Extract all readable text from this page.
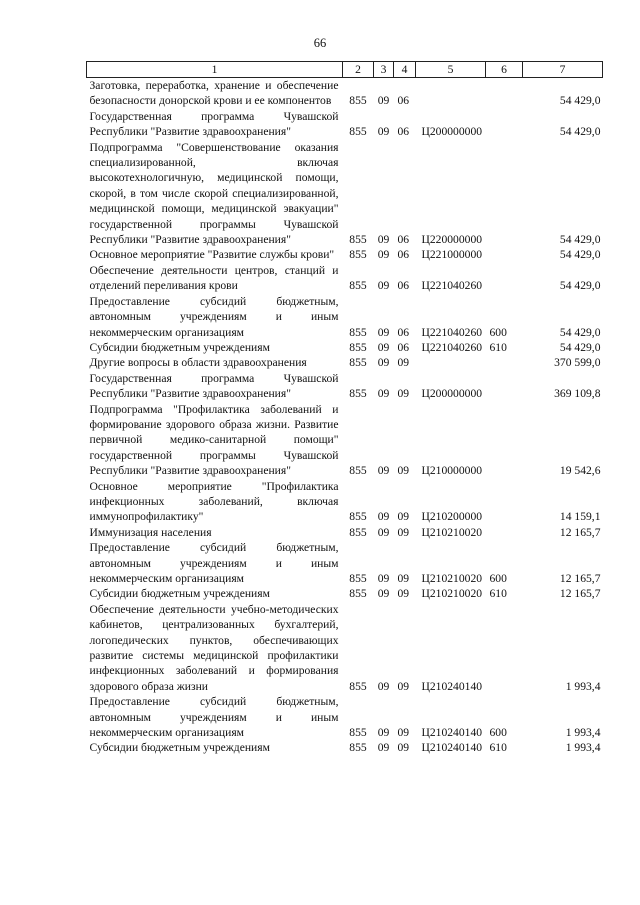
66
1	2	3	4	5	6	7
Заготовка, переработка, хранение и обеспечение безопасности донорской крови и ее компонентов	855	09	06			54 429,0
Государственная программа Чувашской Республики "Развитие здравоохранения"	855	09	06	Ц200000000		54 429,0
Подпрограмма "Совершенствование оказания специализированной, включая высокотехнологичную, медицинской помощи, скорой, в том числе скорой специализированной, медицинской помощи, медицинской эвакуации" государственной программы Чувашской Республики "Развитие здравоохранения"	855	09	06	Ц220000000		54 429,0
Основное мероприятие "Развитие службы крови"	855	09	06	Ц221000000		54 429,0
Обеспечение деятельности центров, станций и отделений переливания крови	855	09	06	Ц221040260		54 429,0
Предоставление субсидий бюджетным, автономным учреждениям и иным некоммерческим организациям	855	09	06	Ц221040260	600	54 429,0
Субсидии бюджетным учреждениям	855	09	06	Ц221040260	610	54 429,0
Другие вопросы в области здравоохранения	855	09	09			370 599,0
Государственная программа Чувашской Республики "Развитие здравоохранения"	855	09	09	Ц200000000		369 109,8
Подпрограмма "Профилактика заболеваний и формирование здорового образа жизни. Развитие первичной медико-санитарной помощи" государственной программы Чувашской Республики "Развитие здравоохранения"	855	09	09	Ц210000000		19 542,6
Основное мероприятие "Профилактика инфекционных заболеваний, включая иммунопрофилактику"	855	09	09	Ц210200000		14 159,1
Иммунизация населения	855	09	09	Ц210210020		12 165,7
Предоставление субсидий бюджетным, автономным учреждениям и иным некоммерческим организациям	855	09	09	Ц210210020	600	12 165,7
Субсидии бюджетным учреждениям	855	09	09	Ц210210020	610	12 165,7
Обеспечение деятельности учебно-методических кабинетов, централизованных бухгалтерий, логопедических пунктов, обеспечивающих развитие системы медицинской профилактики инфекционных заболеваний и формирования здорового образа жизни	855	09	09	Ц210240140		1 993,4
Предоставление субсидий бюджетным, автономным учреждениям и иным некоммерческим организациям	855	09	09	Ц210240140	600	1 993,4
Субсидии бюджетным учреждениям	855	09	09	Ц210240140	610	1 993,4
